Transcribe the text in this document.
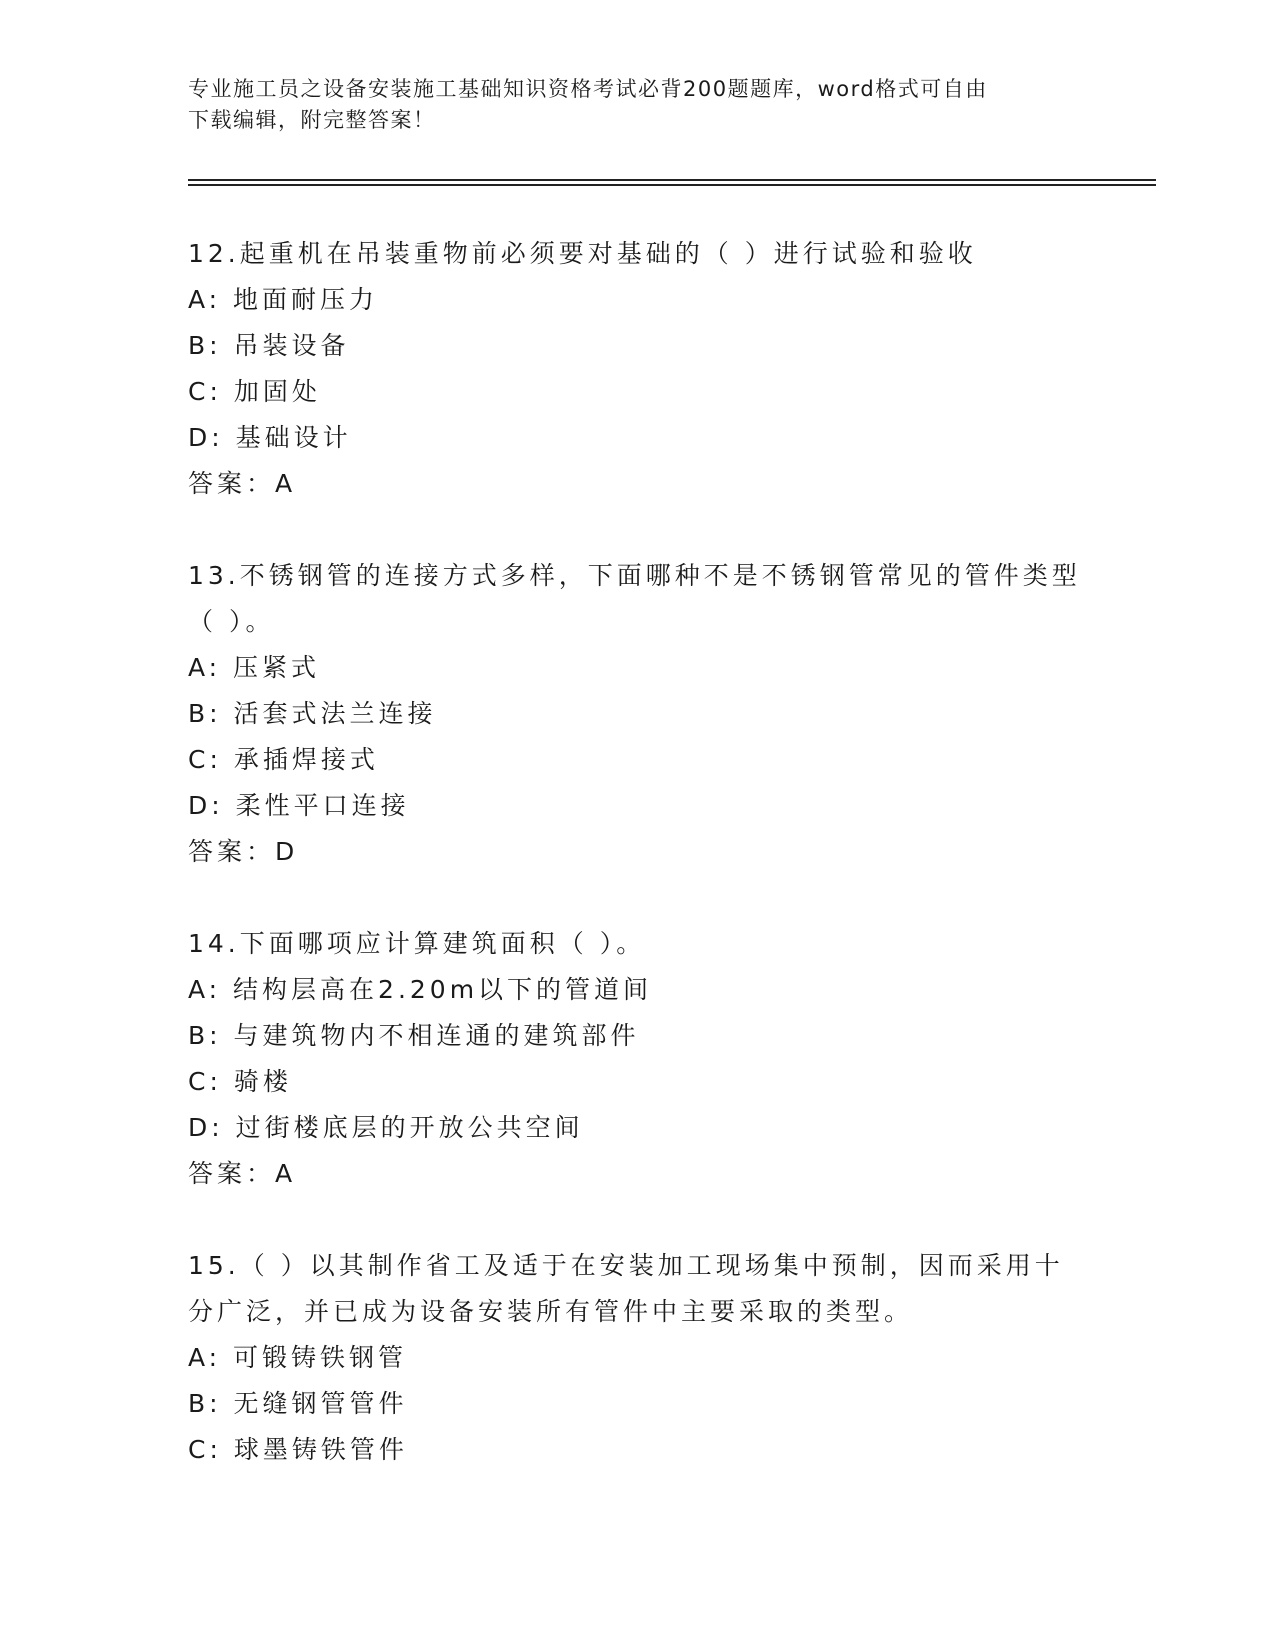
专业施工员之设备安装施工基础知识资格考试必背200题题库，word格式可自由
下载编辑，附完整答案！
12.起重机在吊装重物前必须要对基础的（ ）进行试验和验收
A: 地面耐压力
B: 吊装设备
C: 加固处
D: 基础设计
答案：A
13.不锈钢管的连接方式多样，下面哪种不是不锈钢管常见的管件类型
（ ）。
A: 压紧式
B: 活套式法兰连接
C: 承插焊接式
D: 柔性平口连接
答案：D
14.下面哪项应计算建筑面积（ ）。
A: 结构层高在2.20m以下的管道间
B: 与建筑物内不相连通的建筑部件
C: 骑楼
D: 过街楼底层的开放公共空间
答案：A
15.（ ）以其制作省工及适于在安装加工现场集中预制，因而采用十
分广泛，并已成为设备安装所有管件中主要采取的类型。
A: 可锻铸铁钢管
B: 无缝钢管管件
C: 球墨铸铁管件
